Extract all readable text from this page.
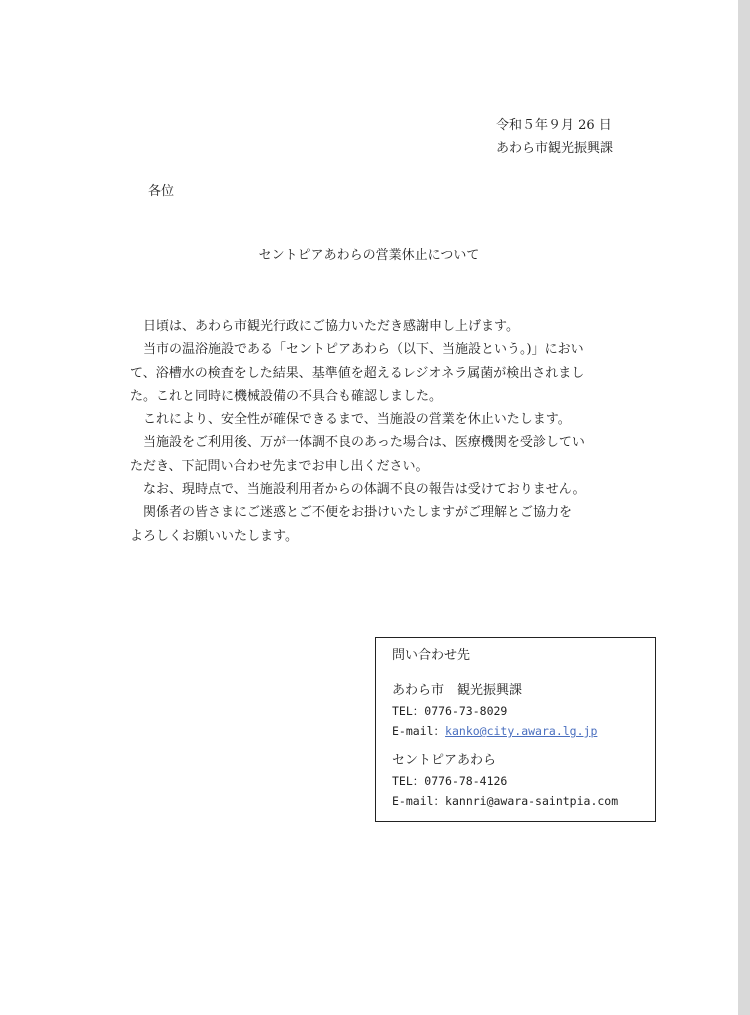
令和５年９月 26 日
あわら市観光振興課
各位
セントピアあわらの営業休止について

日頃は、あわら市観光行政にご協力いただき感謝申し上げます。

当市の温浴施設である「セントピアあわら（以下、当施設という。)」におい

て、浴槽水の検査をした結果、基準値を超えるレジオネラ属菌が検出されまし

た。これと同時に機械設備の不具合も確認しました。

これにより、安全性が確保できるまで、当施設の営業を休止いたします。

当施設をご利用後、万が一体調不良のあった場合は、医療機関を受診してい

ただき、下記問い合わせ先までお申し出ください。

なお、現時点で、当施設利用者からの体調不良の報告は受けておりません。

関係者の皆さまにご迷惑とご不便をお掛けいたしますがご理解とご協力を

よろしくお願いいたします。

問い合わせ先
あわら市　観光振興課
TEL：0776-73-8029
E-mail：kanko@city.awara.lg.jp
セントピアあわら
TEL：0776-78-4126
E-mail：kannri@awara-saintpia.com
